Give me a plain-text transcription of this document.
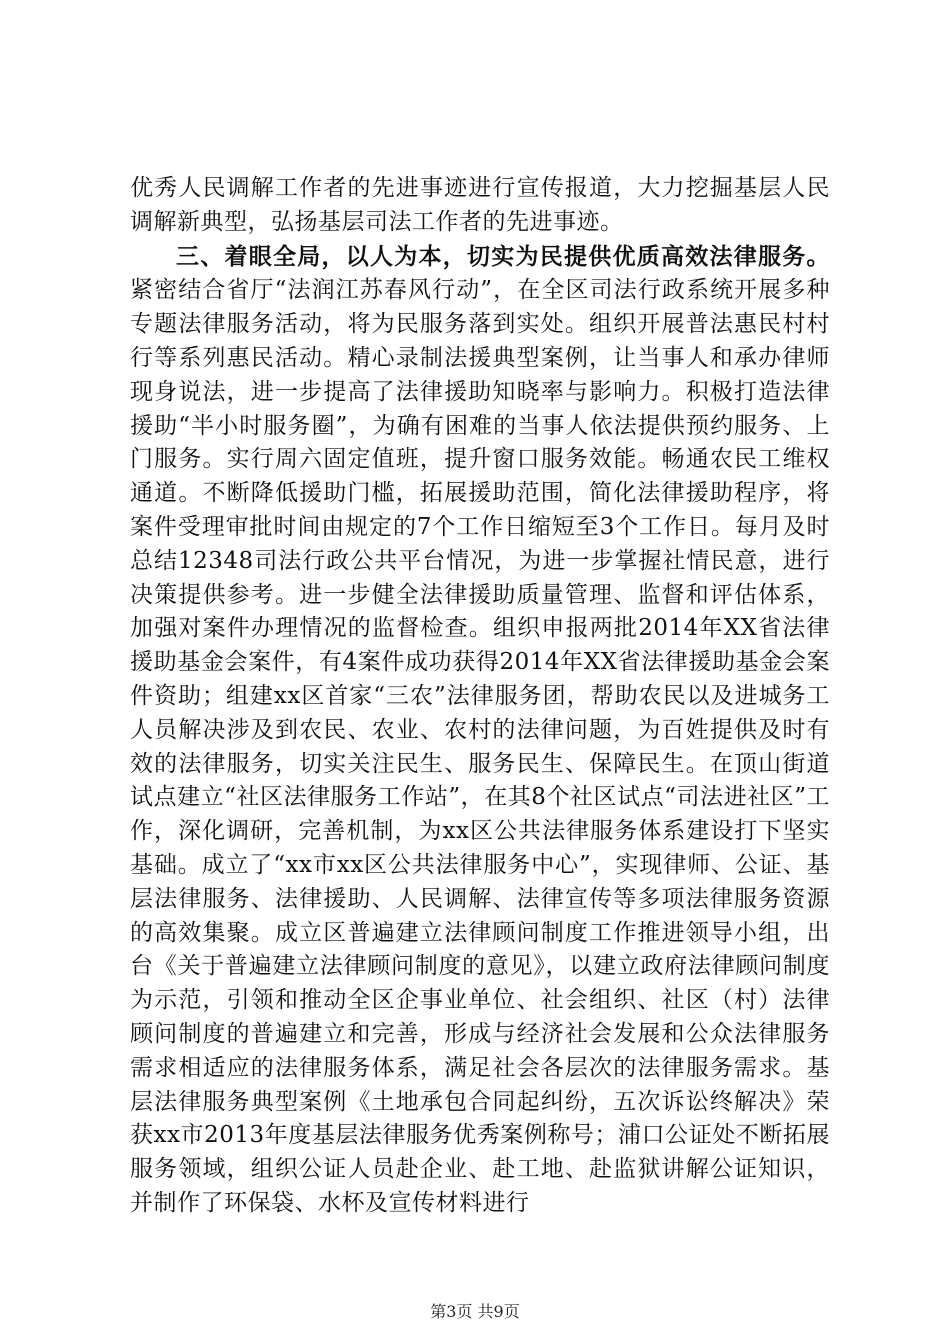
优秀人民调解工作者的先进事迹进行宣传报道，大力挖掘基层人民调解新典型，弘扬基层司法工作者的先进事迹。

三、着眼全局，以人为本，切实为民提供优质高效法律服务。紧密结合省厅“法润江苏春风行动”，在全区司法行政系统开展多种专题法律服务活动，将为民服务落到实处。组织开展普法惠民村村行等系列惠民活动。精心录制法援典型案例，让当事人和承办律师现身说法，进一步提高了法律援助知晓率与影响力。积极打造法律援助“半小时服务圈”，为确有困难的当事人依法提供预约服务、上门服务。实行周六固定值班，提升窗口服务效能。畅通农民工维权通道。不断降低援助门槛，拓展援助范围，简化法律援助程序，将案件受理审批时间由规定的7个工作日缩短至3个工作日。每月及时总结12348司法行政公共平台情况，为进一步掌握社情民意，进行决策提供参考。进一步健全法律援助质量管理、监督和评估体系，加强对案件办理情况的监督检查。组织申报两批2014年XX省法律援助基金会案件，有4案件成功获得2014年XX省法律援助基金会案件资助；组建xx区首家“三农”法律服务团，帮助农民以及进城务工人员解决涉及到农民、农业、农村的法律问题，为百姓提供及时有效的法律服务，切实关注民生、服务民生、保障民生。在顶山街道试点建立“社区法律服务工作站”，在其8个社区试点“司法进社区”工作，深化调研，完善机制，为xx区公共法律服务体系建设打下坚实基础。成立了“xx市xx区公共法律服务中心”，实现律师、公证、基层法律服务、法律援助、人民调解、法律宣传等多项法律服务资源的高效集聚。成立区普遍建立法律顾问制度工作推进领导小组，出台《关于普遍建立法律顾问制度的意见》，以建立政府法律顾问制度为示范，引领和推动全区企事业单位、社会组织、社区（村）法律顾问制度的普遍建立和完善，形成与经济社会发展和公众法律服务需求相适应的法律服务体系，满足社会各层次的法律服务需求。基层法律服务典型案例《土地承包合同起纠纷，五次诉讼终解决》荣获xx市2013年度基层法律服务优秀案例称号；浦口公证处不断拓展服务领域，组织公证人员赴企业、赴工地、赴监狱讲解公证知识，并制作了环保袋、水杯及宣传材料进行

第3页 共9页
